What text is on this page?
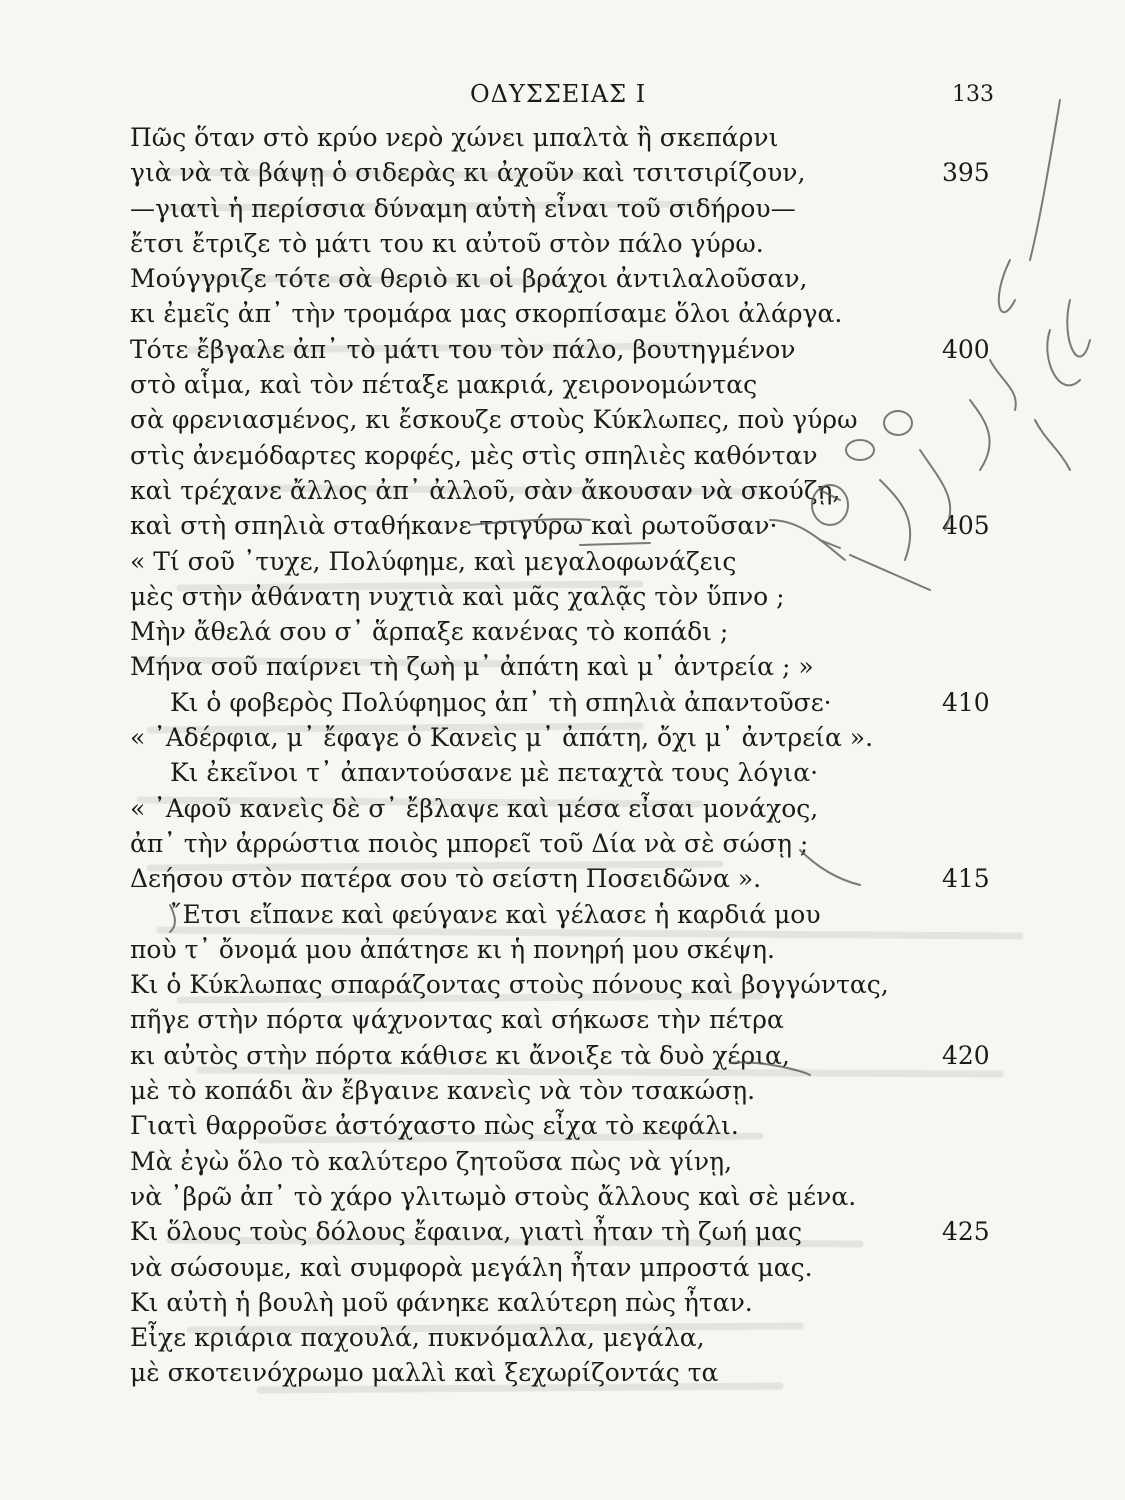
ΟΔΥΣΣΕΙΑΣ Ι	133
Πῶς ὅταν στὸ κρύο νερὸ χώνει μπαλτὰ ἢ σκεπάρνι
γιὰ νὰ τὰ βάψῃ ὁ σιδερὰς κι ἀχοῦν καὶ τσιτσιρίζουν,	395
—γιατὶ ἡ περίσσια δύναμη αὐτὴ εἶναι τοῦ σιδήρου—
ἔτσι ἔτριζε τὸ μάτι του κι αὐτοῦ στὸν πάλο γύρω.
Μούγγριζε τότε σὰ θεριὸ κι οἱ βράχοι ἀντιλαλοῦσαν,
κι ἐμεῖς ἀπ᾽ τὴν τρομάρα μας σκορπίσαμε ὅλοι ἀλάργα.
Τότε ἔβγαλε ἀπ᾽ τὸ μάτι του τὸν πάλο, βουτηγμένον	400
στὸ αἷμα, καὶ τὸν πέταξε μακριά, χειρονομώντας
σὰ φρενιασμένος, κι ἔσκουζε στοὺς Κύκλωπες, ποὺ γύρω
στὶς ἀνεμόδαρτες κορφές, μὲς στὶς σπηλιὲς καθόνταν
καὶ τρέχανε ἄλλος ἀπ᾽ ἀλλοῦ, σὰν ἄκουσαν νὰ σκούζῃ,
καὶ στὴ σπηλιὰ σταθήκανε τριγύρω καὶ ρωτοῦσαν·	405
« Τί σοῦ ᾿τυχε, Πολύφημε, καὶ μεγαλοφωνάζεις
μὲς στὴν ἀθάνατη νυχτιὰ καὶ μᾶς χαλᾷς τὸν ὕπνο ;
Μὴν ἄθελά σου σ᾽ ἅρπαξε κανένας τὸ κοπάδι ;
Μήνα σοῦ παίρνει τὴ ζωὴ μ᾽ ἀπάτη καὶ μ᾽ ἀντρεία ; »
Κι ὁ φοβερὸς Πολύφημος ἀπ᾽ τὴ σπηλιὰ ἀπαντοῦσε·	410
« ᾿Αδέρφια, μ᾽ ἔφαγε ὁ Κανεὶς μ᾽ ἀπάτη, ὄχι μ᾽ ἀντρεία ».
Κι ἐκεῖνοι τ᾽ ἀπαντούσανε μὲ πεταχτὰ τους λόγια·
« ᾿Αφοῦ κανεὶς δὲ σ᾽ ἔβλαψε καὶ μέσα εἶσαι μονάχος,
ἀπ᾽ τὴν ἀρρώστια ποιὸς μπορεῖ τοῦ Δία νὰ σὲ σώσῃ ;
Δεήσου στὸν πατέρα σου τὸ σείστη Ποσειδῶνα ».	415
῎Ετσι εἴπανε καὶ φεύγανε καὶ γέλασε ἡ καρδιά μου
ποὺ τ᾽ ὄνομά μου ἀπάτησε κι ἡ πονηρή μου σκέψη.
Κι ὁ Κύκλωπας σπαράζοντας στοὺς πόνους καὶ βογγώντας,
πῆγε στὴν πόρτα ψάχνοντας καὶ σήκωσε τὴν πέτρα
κι αὐτὸς στὴν πόρτα κάθισε κι ἄνοιξε τὰ δυὸ χέρια,	420
μὲ τὸ κοπάδι ἂν ἔβγαινε κανεὶς νὰ τὸν τσακώσῃ.
Γιατὶ θαρροῦσε ἀστόχαστο πὼς εἶχα τὸ κεφάλι.
Μὰ ἐγὼ ὅλο τὸ καλύτερο ζητοῦσα πὼς νὰ γίνῃ,
νὰ ᾿βρῶ ἀπ᾽ τὸ χάρο γλιτωμὸ στοὺς ἄλλους καὶ σὲ μένα.
Κι ὅλους τοὺς δόλους ἔφαινα, γιατὶ ἦταν τὴ ζωή μας	425
νὰ σώσουμε, καὶ συμφορὰ μεγάλη ἦταν μπροστά μας.
Κι αὐτὴ ἡ βουλὴ μοῦ φάνηκε καλύτερη πὼς ἦταν.
Εἶχε κριάρια παχουλά, πυκνόμαλλα, μεγάλα,
μὲ σκοτεινόχρωμο μαλλὶ καὶ ξεχωρίζοντάς τα
